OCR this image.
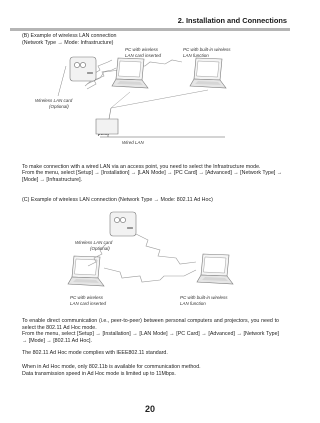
2. Installation and Connections
(B) Example of wireless LAN connection
(Network Type → Mode: Infrastructure)
PC with wireless
LAN card inserted
PC with built-in wireless
LAN function
Wireless LAN card
(Optional)
Wired LAN
To make connection with a wired LAN via an access point, you need to select the Infrastructure mode.
From the menu, select [Setup] → [Installation] → [LAN Mode] → [PC Card] → [Advanced] → [Network Type] →
[Mode] → [Infrastructure].
(C) Example of wireless LAN connection (Network Type → Mode: 802.11 Ad Hoc)
Wireless LAN card
(Optional)
PC with wireless
LAN card inserted
PC with built-in wireless
LAN function
To enable direct communication (i.e., peer-to-peer) between personal computers and projectors, you need to select the 802.11 Ad Hoc mode.
From the menu, select [Setup] → [Installation] → [LAN Mode] → [PC Card] → [Advanced] → [Network Type] → [Mode] → [802.11 Ad Hoc].
The 802.11 Ad Hoc mode complies with IEEE802.11 standard.
When in Ad Hoc mode, only 802.11b is available for communication method.
Data transmission speed in Ad Hoc mode is limited up to 11Mbps.
20
